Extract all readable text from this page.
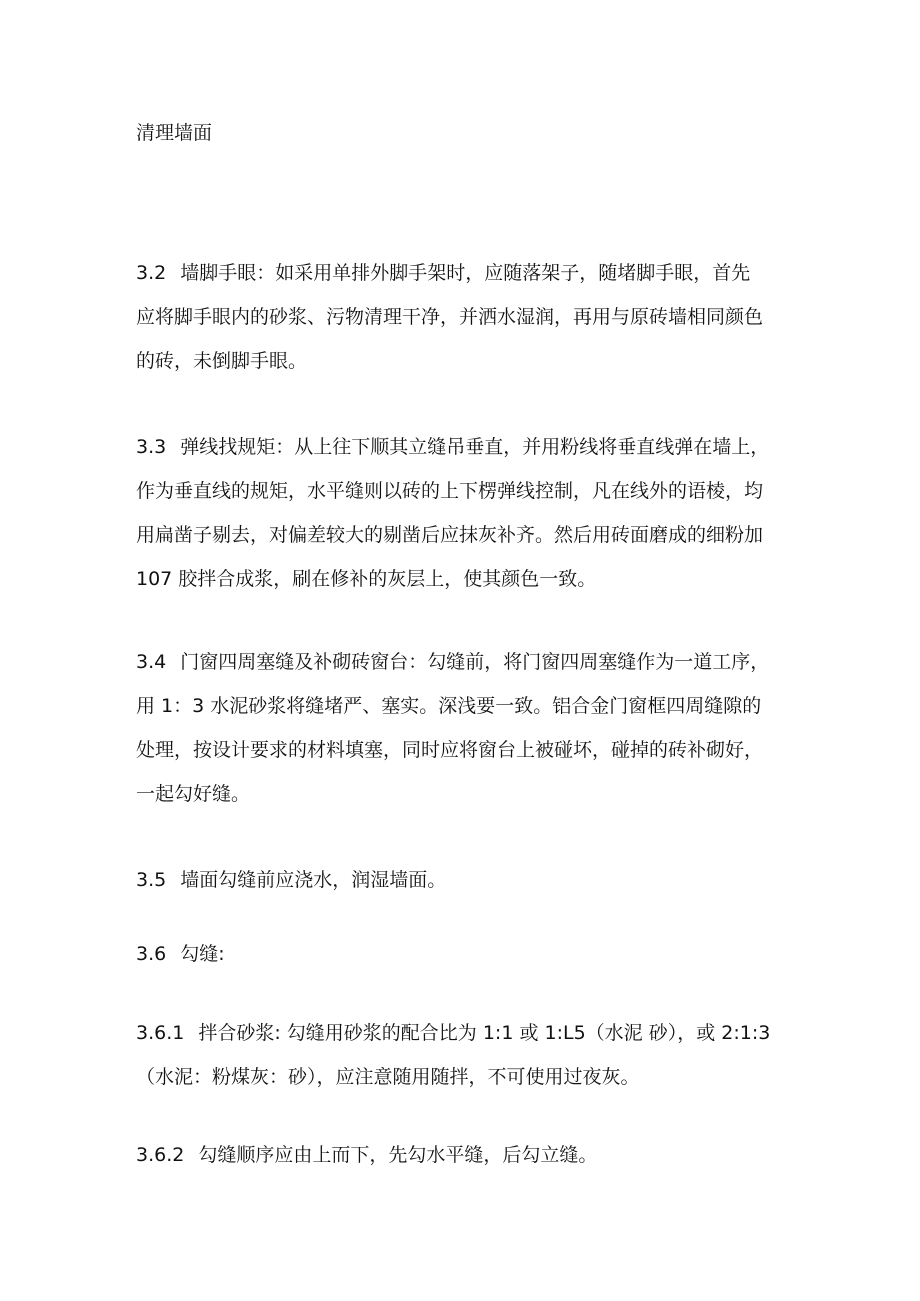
清理墙面

3.2 墙脚手眼：如采用单排外脚手架时，应随落架子，随堵脚手眼，首先
应将脚手眼内的砂浆、污物清理干净，并洒水湿润，再用与原砖墙相同颜色
的砖，未倒脚手眼。
3.3 弹线找规矩：从上往下顺其立缝吊垂直，并用粉线将垂直线弹在墙上，
作为垂直线的规矩，水平缝则以砖的上下楞弹线控制，凡在线外的语棱，均
用扁凿子剔去，对偏差较大的剔凿后应抹灰补齐。然后用砖面磨成的细粉加
107 胶拌合成浆，刷在修补的灰层上，使其颜色一致。
3.4 门窗四周塞缝及补砌砖窗台：勾缝前，将门窗四周塞缝作为一道工序，
用 1：3 水泥砂浆将缝堵严、塞实。深浅要一致。铝合金门窗框四周缝隙的
处理，按设计要求的材料填塞，同时应将窗台上被碰坏，碰掉的砖补砌好，
一起勾好缝。
3.5 墙面勾缝前应浇水，润湿墙面。
3.6 勾缝:
3.6.1 拌合砂浆: 勾缝用砂浆的配合比为 1:1 或 1:L5（水泥 砂），或 2:1:3
（水泥：粉煤灰：砂），应注意随用随拌，不可使用过夜灰。
3.6.2 勾缝顺序应由上而下，先勾水平缝，后勾立缝。
